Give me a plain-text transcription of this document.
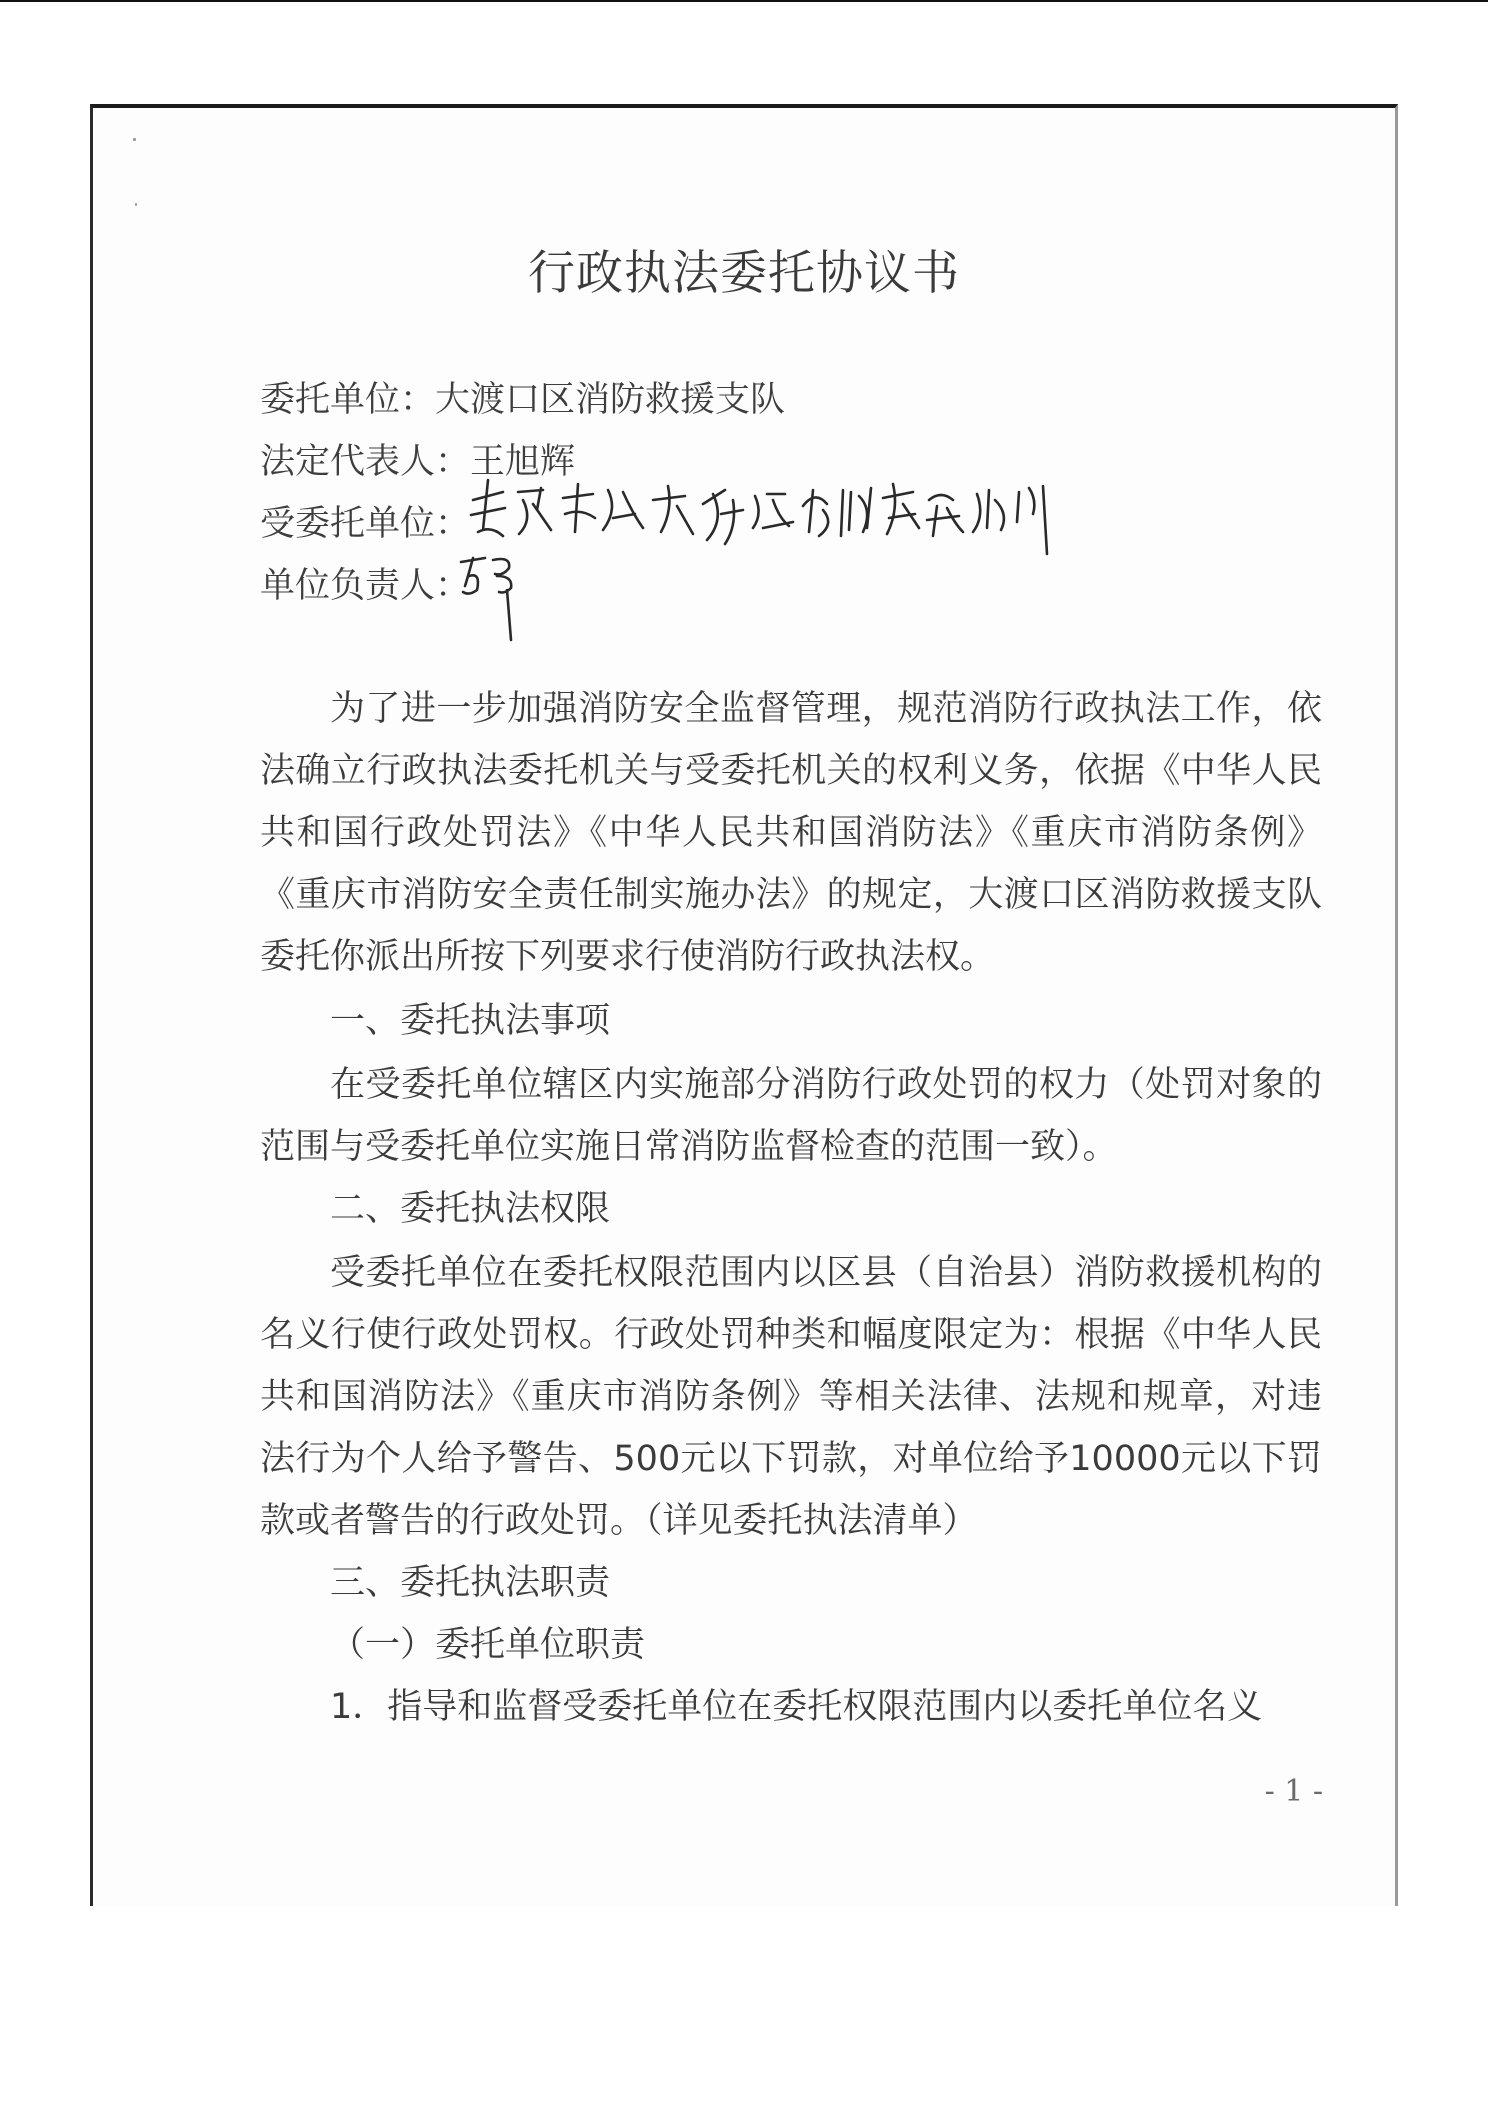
行政执法委托协议书
委托单位：大渡口区消防救援支队
法定代表人：王旭辉
受委托单位：
单位负责人：
为了进一步加强消防安全监督管理，规范消防行政执法工作，依法确立行政执法委托机关与受委托机关的权利义务，依据《中华人民共和国行政处罚法》《中华人民共和国消防法》《重庆市消防条例》《重庆市消防安全责任制实施办法》的规定，大渡口区消防救援支队委托你派出所按下列要求行使消防行政执法权。
一、委托执法事项
在受委托单位辖区内实施部分消防行政处罚的权力（处罚对象的范围与受委托单位实施日常消防监督检查的范围一致）。
二、委托执法权限
受委托单位在委托权限范围内以区县（自治县）消防救援机构的名义行使行政处罚权。行政处罚种类和幅度限定为：根据《中华人民共和国消防法》《重庆市消防条例》等相关法律、法规和规章，对违法行为个人给予警告、500元以下罚款，对单位给予10000元以下罚款或者警告的行政处罚。（详见委托执法清单）
三、委托执法职责
（一）委托单位职责
1．指导和监督受委托单位在委托权限范围内以委托单位名义
- 1 -
